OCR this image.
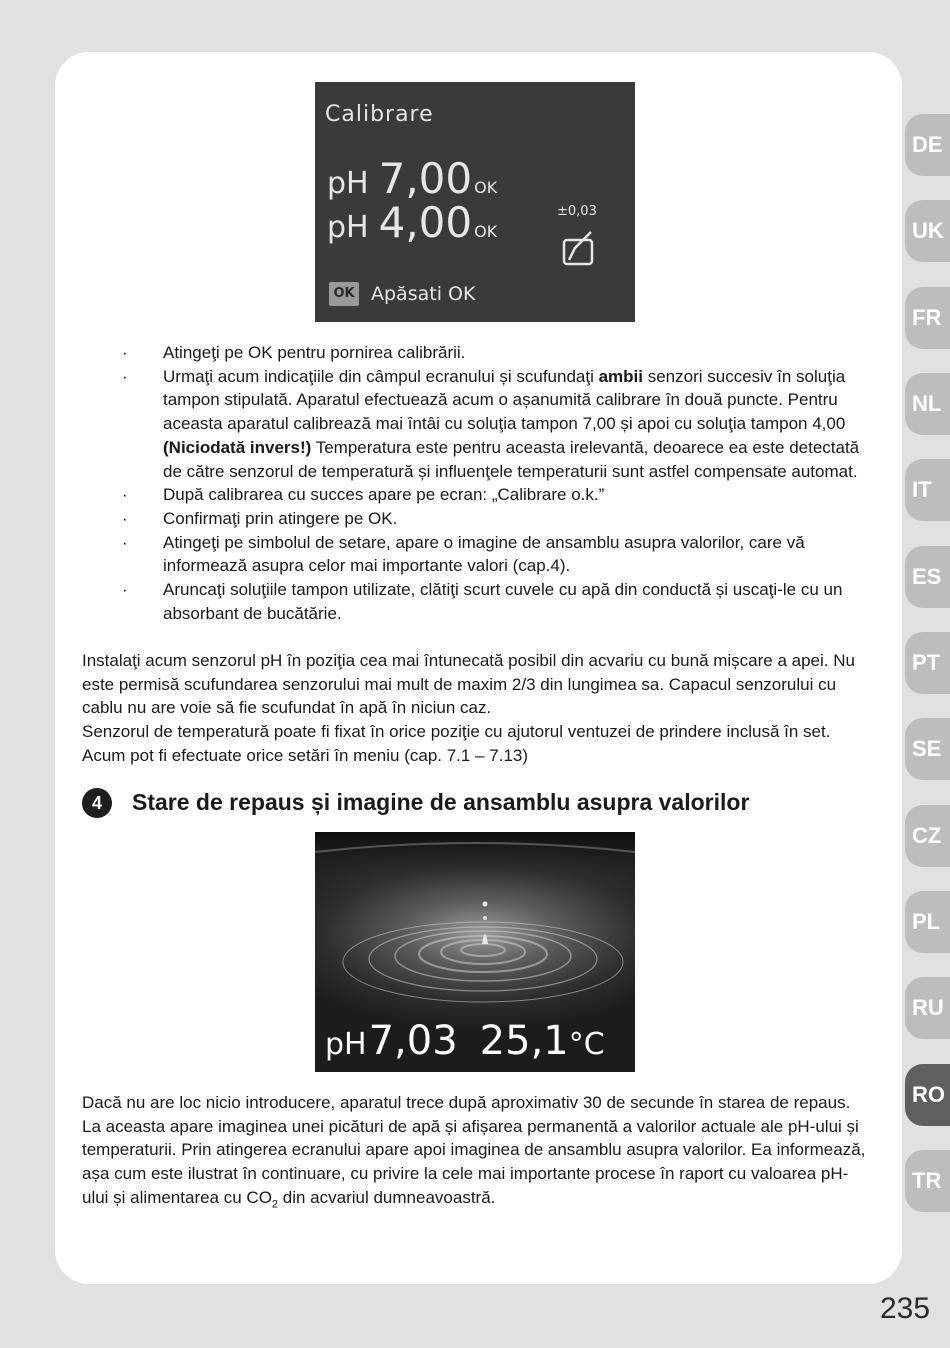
Calibrare
pH 7,00 OK
pH 4,00 OK
±0,03
OK Apăsati OK
· Atingeţi pe OK pentru pornirea calibrării.
· Urmaţi acum indicaţiile din câmpul ecranului și scufundaţi ambii senzori succesiv în soluţia tampon stipulată. Aparatul efectuează acum o așanumită calibrare în două puncte. Pentru aceasta aparatul calibrează mai întâi cu soluţia tampon 7,00 și apoi cu soluţia tampon 4,00 (Niciodată invers!) Temperatura este pentru aceasta irelevantă, deoarece ea este detectată de către senzorul de temperatură și influenţele temperaturii sunt astfel compensate automat.
· După calibrarea cu succes apare pe ecran: „Calibrare o.k.”
· Confirmaţi prin atingere pe OK.
· Atingeţi pe simbolul de setare, apare o imagine de ansamblu asupra valorilor, care vă informează asupra celor mai importante valori (cap.4).
· Aruncaţi soluţiile tampon utilizate, clătiţi scurt cuvele cu apă din conductă și uscaţi-le cu un absorbant de bucătărie.
Instalaţi acum senzorul pH în poziţia cea mai întunecată posibil din acvariu cu bună mișcare a apei. Nu este permisă scufundarea senzorului mai mult de maxim 2/3 din lungimea sa. Capacul senzorului cu cablu nu are voie să fie scufundat în apă în niciun caz.
Senzorul de temperatură poate fi fixat în orice poziţie cu ajutorul ventuzei de prindere inclusă în set. Acum pot fi efectuate orice setări în meniu (cap. 7.1 – 7.13)
4	Stare de repaus și imagine de ansamblu asupra valorilor
pH7,03 25,1°C
Dacă nu are loc nicio introducere, aparatul trece după aproximativ 30 de secunde în starea de repaus. La aceasta apare imaginea unei picături de apă și afișarea permanentă a valorilor actuale ale pH-ului și temperaturii. Prin atingerea ecranului apare apoi imaginea de ansamblu asupra valorilor. Ea informează, așa cum este ilustrat în continuare, cu privire la cele mai importante procese în raport cu valoarea pH-ului și alimentarea cu $CO_2$ din acvariul dumneavoastră.
DE
UK
FR
NL
IT
ES
PT
SE
CZ
PL
RU
RO
TR
235
